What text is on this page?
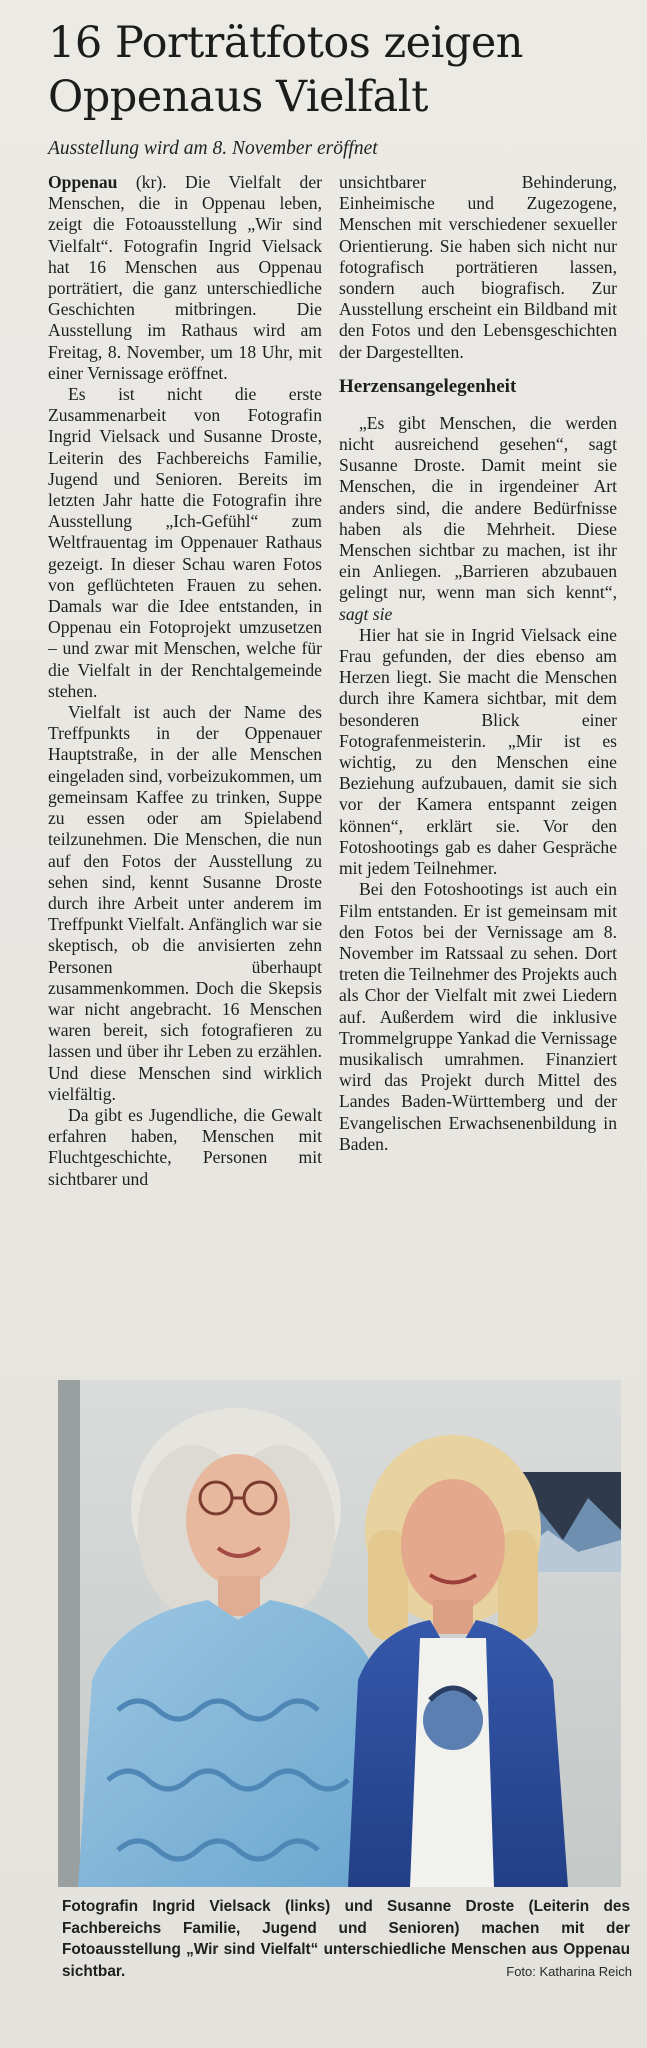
16 Porträtfotos zeigen
Oppenaus Vielfalt

Ausstellung wird am 8. November eröffnet

Oppenau (kr). Die Vielfalt der Menschen, die in Oppenau leben, zeigt die Fotoausstellung „Wir sind Vielfalt“. Fotografin Ingrid Vielsack hat 16 Menschen aus Oppenau porträtiert, die ganz unterschiedliche Geschichten mitbringen. Die Ausstellung im Rathaus wird am Freitag, 8. November, um 18 Uhr, mit einer Vernissage eröffnet.

Es ist nicht die erste Zusammenarbeit von Fotografin Ingrid Vielsack und Susanne Droste, Leiterin des Fachbereichs Familie, Jugend und Senioren. Bereits im letzten Jahr hatte die Fotografin ihre Ausstellung „Ich-Gefühl“ zum Weltfrauentag im Oppenauer Rathaus gezeigt. In dieser Schau waren Fotos von geflüchteten Frauen zu sehen. Damals war die Idee entstanden, in Oppenau ein Fotoprojekt umzusetzen – und zwar mit Menschen, welche für die Vielfalt in der Renchtalgemeinde stehen.

Vielfalt ist auch der Name des Treffpunkts in der Oppenauer Hauptstraße, in der alle Menschen eingeladen sind, vorbeizukommen, um gemeinsam Kaffee zu trinken, Suppe zu essen oder am Spielabend teilzunehmen. Die Menschen, die nun auf den Fotos der Ausstellung zu sehen sind, kennt Susanne Droste durch ihre Arbeit unter anderem im Treffpunkt Vielfalt. Anfänglich war sie skeptisch, ob die anvisierten zehn Personen überhaupt zusammenkommen. Doch die Skepsis war nicht angebracht. 16 Menschen waren bereit, sich fotografieren zu lassen und über ihr Leben zu erzählen. Und diese Menschen sind wirklich vielfältig.

Da gibt es Jugendliche, die Gewalt erfahren haben, Menschen mit Fluchtgeschichte, Personen mit sichtbarer und

unsichtbarer Behinderung, Einheimische und Zugezogene, Menschen mit verschiedener sexueller Orientierung. Sie haben sich nicht nur fotografisch porträtieren lassen, sondern auch biografisch. Zur Ausstellung erscheint ein Bildband mit den Fotos und den Lebensgeschichten der Dargestellten.

Herzensangelegenheit

„Es gibt Menschen, die werden nicht ausreichend gesehen“, sagt Susanne Droste. Damit meint sie Menschen, die in irgendeiner Art anders sind, die andere Bedürfnisse haben als die Mehrheit. Diese Menschen sichtbar zu machen, ist ihr ein Anliegen. „Barrieren abzubauen gelingt nur, wenn man sich kennt“, sagt sie

Hier hat sie in Ingrid Vielsack eine Frau gefunden, der dies ebenso am Herzen liegt. Sie macht die Menschen durch ihre Kamera sichtbar, mit dem besonderen Blick einer Fotografenmeisterin. „Mir ist es wichtig, zu den Menschen eine Beziehung aufzubauen, damit sie sich vor der Kamera entspannt zeigen können“, erklärt sie. Vor den Fotoshootings gab es daher Gespräche mit jedem Teilnehmer.

Bei den Fotoshootings ist auch ein Film entstanden. Er ist gemeinsam mit den Fotos bei der Vernissage am 8. November im Ratssaal zu sehen. Dort treten die Teilnehmer des Projekts auch als Chor der Vielfalt mit zwei Liedern auf. Außerdem wird die inklusive Trommelgruppe Yankad die Vernissage musikalisch umrahmen. Finanziert wird das Projekt durch Mittel des Landes Baden-Württemberg und der Evangelischen Erwachsenenbildung in Baden.

Fotografin Ingrid Vielsack (links) und Susanne Droste (Leiterin des Fachbereichs Familie, Jugend und Senioren) machen mit der Fotoausstellung „Wir sind Vielfalt“ unterschiedliche Menschen aus Oppenau sichtbar.	Foto: Katharina Reich
